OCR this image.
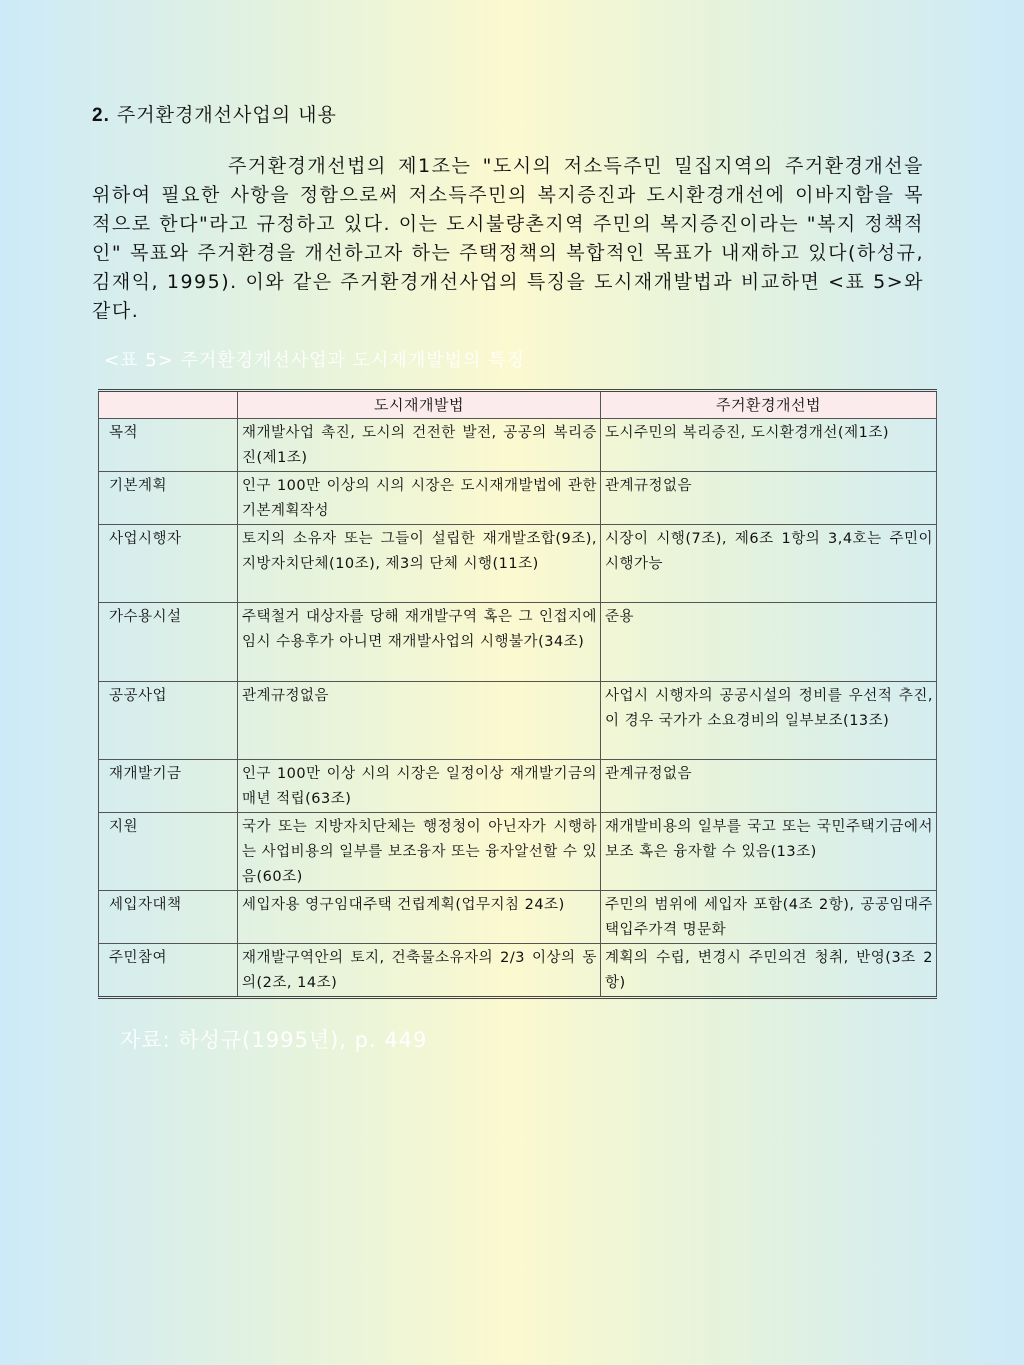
2. 주거환경개선사업의 내용
주거환경개선법의 제1조는 "도시의 저소득주민 밀집지역의 주거환경개선을 위하여 필요한 사항을 정함으로써 저소득주민의 복지증진과 도시환경개선에 이바지함을 목적으로 한다"라고 규정하고 있다. 이는 도시불량촌지역 주민의 복지증진이라는 "복지 정책적인" 목표와 주거환경을 개선하고자 하는 주택정책의 복합적인 목표가 내재하고 있다(하성규, 김재익, 1995). 이와 같은 주거환경개선사업의 특징을 도시재개발법과 비교하면 <표 5>와 같다.
<표 5> 주거환경개선사업과 도시재개발법의 특징
	도시재개발법	주거환경개선법
목적	재개발사업 촉진, 도시의 건전한 발전, 공공의 복리증진(제1조)	도시주민의 복리증진, 도시환경개선(제1조)
기본계획	인구 100만 이상의 시의 시장은 도시재개발법에 관한 기본계획작성	관계규정없음
사업시행자	토지의 소유자 또는 그들이 설립한 재개발조합(9조), 지방자치단체(10조), 제3의 단체 시행(11조)	시장이 시행(7조), 제6조 1항의 3,4호는 주민이 시행가능
가수용시설	주택철거 대상자를 당해 재개발구역 혹은 그 인접지에 임시 수용후가 아니면 재개발사업의 시행불가(34조)	준용
공공사업	관계규정없음	사업시 시행자의 공공시설의 정비를 우선적 추진, 이 경우 국가가 소요경비의 일부보조(13조)
재개발기금	인구 100만 이상 시의 시장은 일정이상 재개발기금의 매년 적립(63조)	관계규정없음
지원	국가 또는 지방자치단체는 행정청이 아닌자가 시행하는 사업비용의 일부를 보조융자 또는 융자알선할 수 있음(60조)	재개발비용의 일부를 국고 또는 국민주택기금에서 보조 혹은 융자할 수 있음(13조)
세입자대책	세입자용 영구임대주택 건립계획(업무지침 24조)	주민의 범위에 세입자 포함(4조 2항), 공공임대주택입주가격 명문화
주민참여	재개발구역안의 토지, 건축물소유자의 2/3 이상의 동의(2조, 14조)	계획의 수립, 변경시 주민의견 청취, 반영(3조 2항)
자료: 하성규(1995년), p. 449
